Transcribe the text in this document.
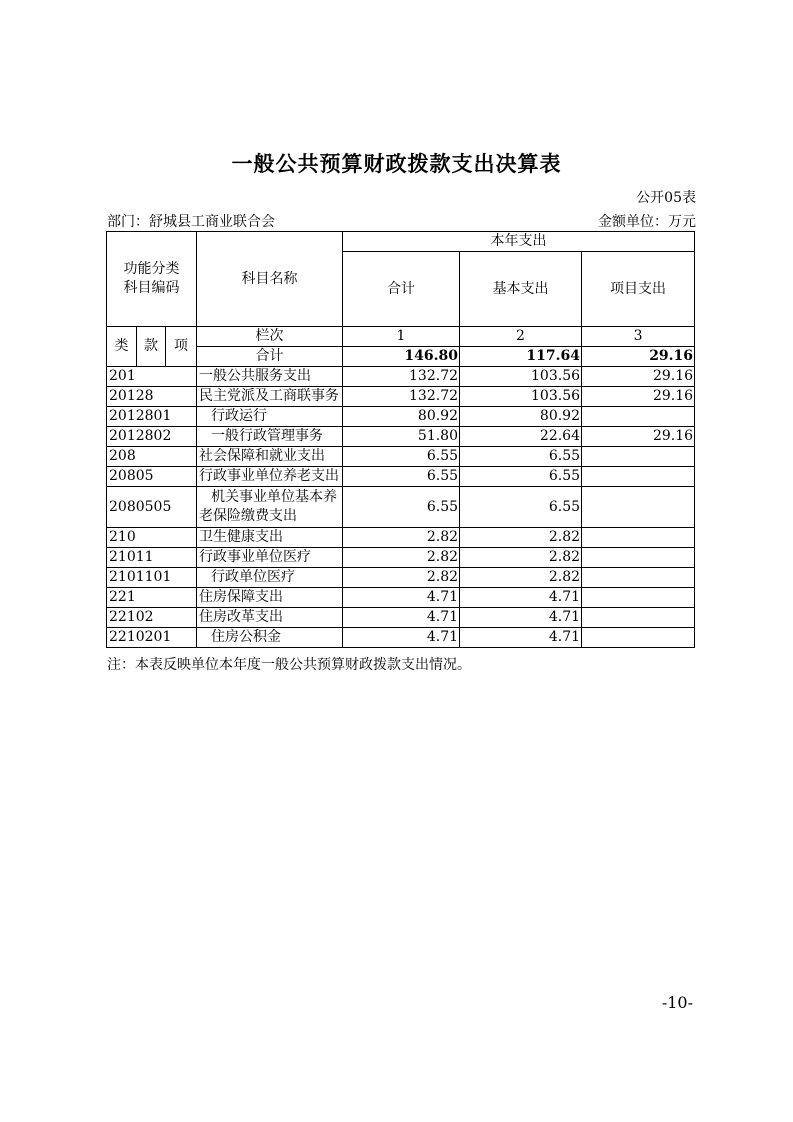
一般公共预算财政拨款支出决算表
公开05表
部门：舒城县工商业联合会	金额单位：万元
功能分类科目编码			科目名称	本年支出		
				合计	基本支出	项目支出
类	款	项	栏次	1	2	3
			合计	146.80	117.64	29.16
201			一般公共服务支出	132.72	103.56	29.16
20128			民主党派及工商联事务	132.72	103.56	29.16
2012801			行政运行	80.92	80.92	
2012802			一般行政管理事务	51.80	22.64	29.16
208			社会保障和就业支出	6.55	6.55	
20805			行政事业单位养老支出	6.55	6.55	
2080505			机关事业单位基本养老保险缴费支出	6.55	6.55	
210			卫生健康支出	2.82	2.82	
21011			行政事业单位医疗	2.82	2.82	
2101101			行政单位医疗	2.82	2.82	
221			住房保障支出	4.71	4.71	
22102			住房改革支出	4.71	4.71	
2210201			住房公积金	4.71	4.71	
注：本表反映单位本年度一般公共预算财政拨款支出情况。
-10-
